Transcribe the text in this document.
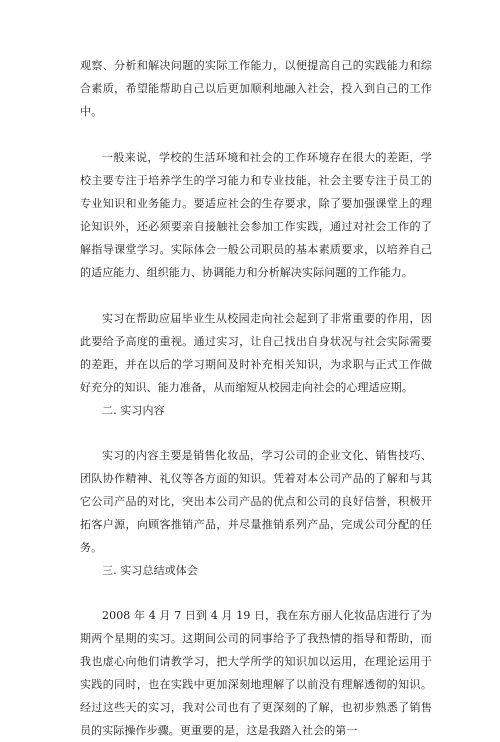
观察、分析和解决问题的实际工作能力，以便提高自己的实践能力和综合素质，希望能帮助自己以后更加顺利地融入社会，投入到自己的工作中。

一般来说，学校的生活环境和社会的工作环境存在很大的差距，学校主要专注于培养学生的学习能力和专业技能，社会主要专注于员工的专业知识和业务能力。要适应社会的生存要求，除了要加强课堂上的理论知识外，还必须要亲自接触社会参加工作实践，通过对社会工作的了解指导课堂学习。实际体会一般公司职员的基本素质要求，以培养自己的适应能力、组织能力、协调能力和分析解决实际问题的工作能力。

实习在帮助应届毕业生从校园走向社会起到了非常重要的作用，因此要给予高度的重视。通过实习，让自己找出自身状况与社会实际需要的差距，并在以后的学习期间及时补充相关知识，为求职与正式工作做好充分的知识、能力准备，从而缩短从校园走向社会的心理适应期。

二. 实习内容

实习的内容主要是销售化妆品，学习公司的企业文化、销售技巧、团队协作精神、礼仪等各方面的知识。凭着对本公司产品的了解和与其它公司产品的对比，突出本公司产品的优点和公司的良好信誉，积极开拓客户源，向顾客推销产品，并尽量推销系列产品，完成公司分配的任务。

三. 实习总结或体会

2008 年 4 月 7 日到 4 月 19 日，我在东方丽人化妆品店进行了为期两个星期的实习。这期间公司的同事给予了我热情的指导和帮助，而我也虚心向他们请教学习，把大学所学的知识加以运用，在理论运用于实践的同时，也在实践中更加深刻地理解了以前没有理解透彻的知识。经过这些天的实习，我对公司也有了更深刻的了解，也初步熟悉了销售员的实际操作步骤。更重要的是，这是我踏入社会的第一
